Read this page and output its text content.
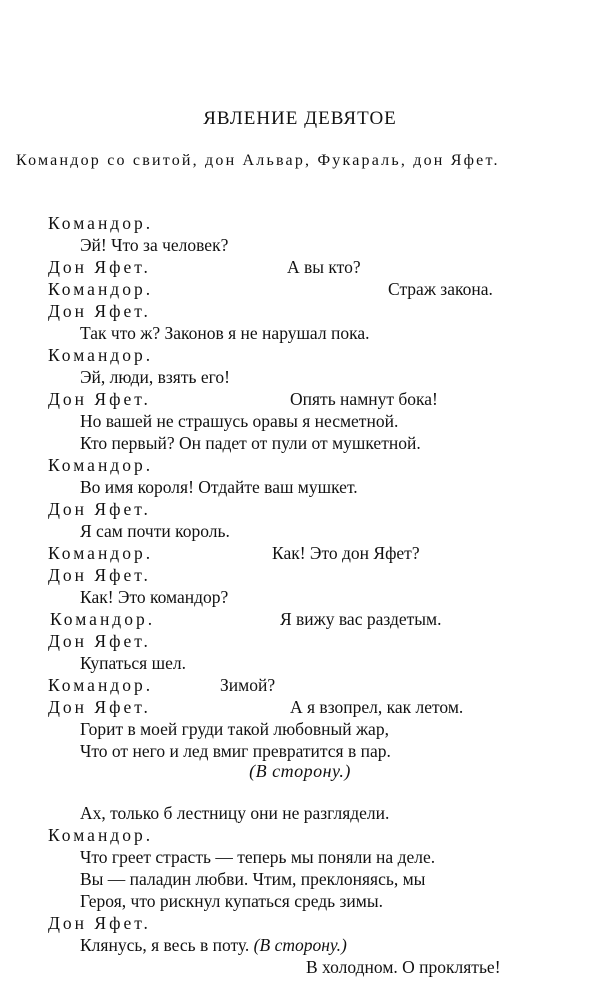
ЯВЛЕНИЕ ДЕВЯТОЕ
Командор со свитой, дон Альвар, Фукараль, дон Яфет.
Командор.
Эй! Что за человек?
Дон Яфет.	А вы кто?
Командор.	Страж закона.
Дон Яфет.
Так что ж? Законов я не нарушал пока.
Командор.
Эй, люди, взять его!
Дон Яфет.	Опять намнут бока!
Но вашей не страшусь оравы я несметной.
Кто первый? Он падет от пули от мушкетной.
Командор.
Во имя короля! Отдайте ваш мушкет.
Дон Яфет.
Я сам почти король.
Командор.	Как! Это дон Яфет?
Дон Яфет.
Как! Это командор?
Командор.	Я вижу вас раздетым.
Дон Яфет.
Купаться шел.
Командор.	Зимой?
Дон Яфет.	А я взопрел, как летом.
Горит в моей груди такой любовный жар,
Что от него и лед вмиг превратится в пар.
(В сторону.)
Ах, только б лестницу они не разглядели.
Командор.
Что греет страсть — теперь мы поняли на деле.
Вы — паладин любви. Чтим, преклоняясь, мы
Героя, что рискнул купаться средь зимы.
Дон Яфет.
Клянусь, я весь в поту. (В сторону.)
В холодном. О проклятье!
